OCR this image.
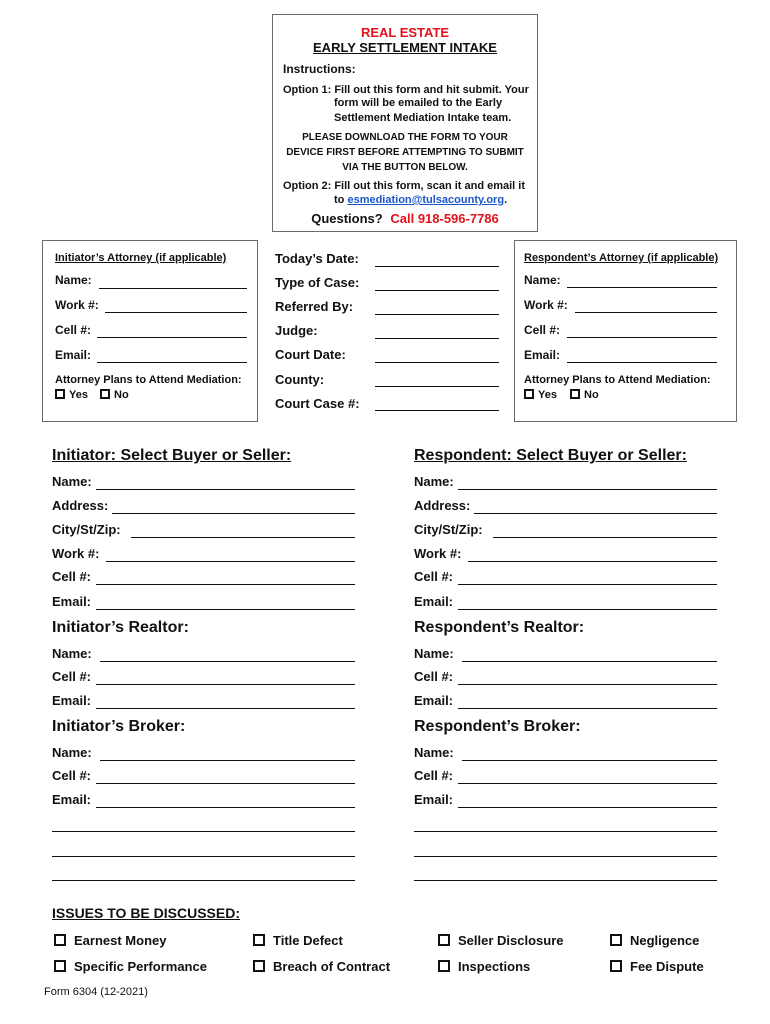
REAL ESTATE
EARLY SETTLEMENT INTAKE
Instructions:
Option 1: Fill out this form and hit submit. Your
form will be emailed to the Early
Settlement Mediation Intake team.
PLEASE DOWNLOAD THE FORM TO YOUR
DEVICE FIRST BEFORE ATTEMPTING TO SUBMIT
VIA THE BUTTON BELOW.
Option 2: Fill out this form, scan it and email it
to esmediation@tulsacounty.org.
Questions? Call 918-596-7786
Initiator’s Attorney (if applicable)
Name:
Work #:
Cell #:
Email:
Attorney Plans to Attend Mediation:
Yes	No
Today’s Date:
Type of Case:
Referred By:
Judge:
Court Date:
County:
Court Case #:
Respondent’s Attorney (if applicable)
Name:
Work #:
Cell #:
Email:
Attorney Plans to Attend Mediation:
Yes	No
Initiator: Select Buyer or Seller:
Name:
Address:
City/St/Zip:
Work #:
Cell #:
Email:
Initiator’s Realtor:
Name:
Cell #:
Email:
Initiator’s Broker:
Name:
Cell #:
Email:
Respondent: Select Buyer or Seller:
Name:
Address:
City/St/Zip:
Work #:
Cell #:
Email:
Respondent’s Realtor:
Name:
Cell #:
Email:
Respondent’s Broker:
Name:
Cell #:
Email:
ISSUES TO BE DISCUSSED:
Earnest Money	Title Defect	Seller Disclosure	Negligence
Specific Performance	Breach of Contract	Inspections	Fee Dispute
Form 6304 (12-2021)
